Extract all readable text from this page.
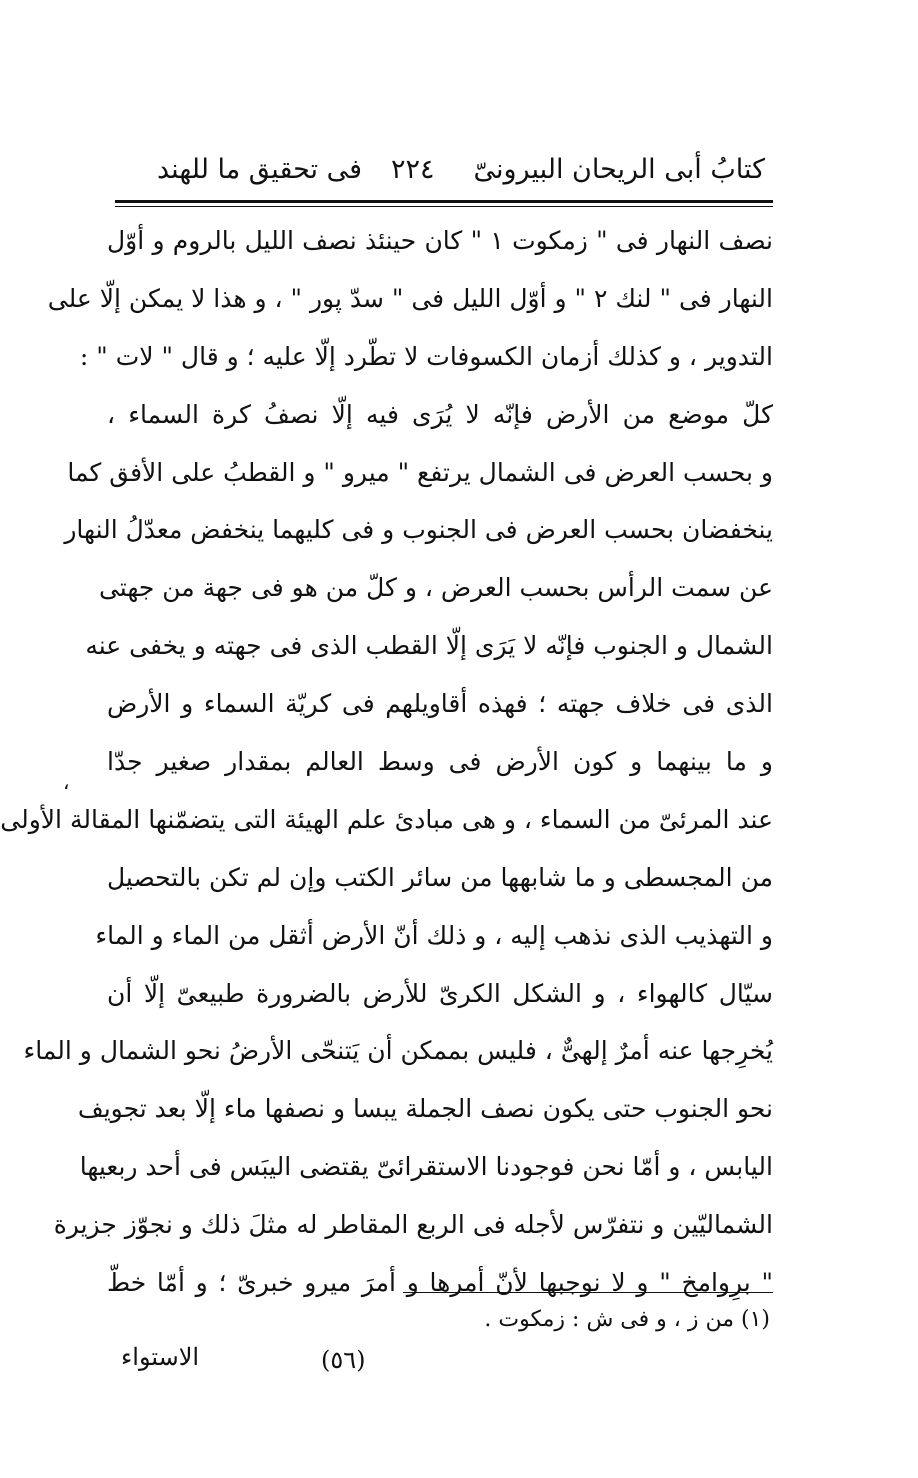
كتابُ أبى الريحان البيرونىّ
٢٢٤
فى تحقيق ما للهند
،
نصف النهار فى " زمكوت ١ " كان حينئذ نصف الليل بالروم و أوّل
النهار فى " لنك ٢ " و أوّل الليل فى " سدّ پور " ، و هذا لا يمكن إلّا على
التدوير ، و كذلك أزمان الكسوفات لا تطّرد إلّا عليه ؛ و قال " لات " :
كلّ موضع من الأرض فإنّه لا يُرَى فيه إلّا نصفُ كرة السماء ،
و بحسب العرض فى الشمال يرتفع " ميرو " و القطبُ على الأفق كما
ينخفضان بحسب العرض فى الجنوب و فى كليهما ينخفض معدّلُ النهار
عن سمت الرأس بحسب العرض ، و كلّ من هو فى جهة من جهتى
الشمال و الجنوب فإنّه لا يَرَى إلّا القطب الذى فى جهته و يخفى عنه
الذى فى خلاف جهته ؛ فهذه أقاويلهم فى كريّة السماء و الأرض
و ما بينهما و كون الأرض فى وسط العالم بمقدار صغير جدّا
عند المرئىّ من السماء ، و هى مبادئ علم الهيئة التى يتضمّنها المقالة الأولى
من المجسطى و ما شابهها من سائر الكتب وإن لم تكن بالتحصيل
و التهذيب الذى نذهب إليه ، و ذلك أنّ الأرض أثقل من الماء و الماء
سيّال كالهواء ، و الشكل الكرىّ للأرض بالضرورة طبيعىّ إلّا أن
يُخرِجها عنه أمرٌ إلهىٌّ ، فليس بممكن أن يَتنحّى الأرضُ نحو الشمال و الماء
نحو الجنوب حتى يكون نصف الجملة يبسا و نصفها ماء إلّا بعد تجويف
اليابس ، و أمّا نحن فوجودنا الاستقرائىّ يقتضى اليبَس فى أحد ربعيها
الشماليّين و نتفرّس لأجله فى الربع المقاطر له مثلَ ذلك و نجوّز جزيرة
" برِوامخ " و لا نوجبها لأنّ أمرها و أمرَ ميرو خبرىّ ؛ و أمّا خطّ
(١) من ز ، و فى ش : زمكوت .
(٥٦)
الاستواء
